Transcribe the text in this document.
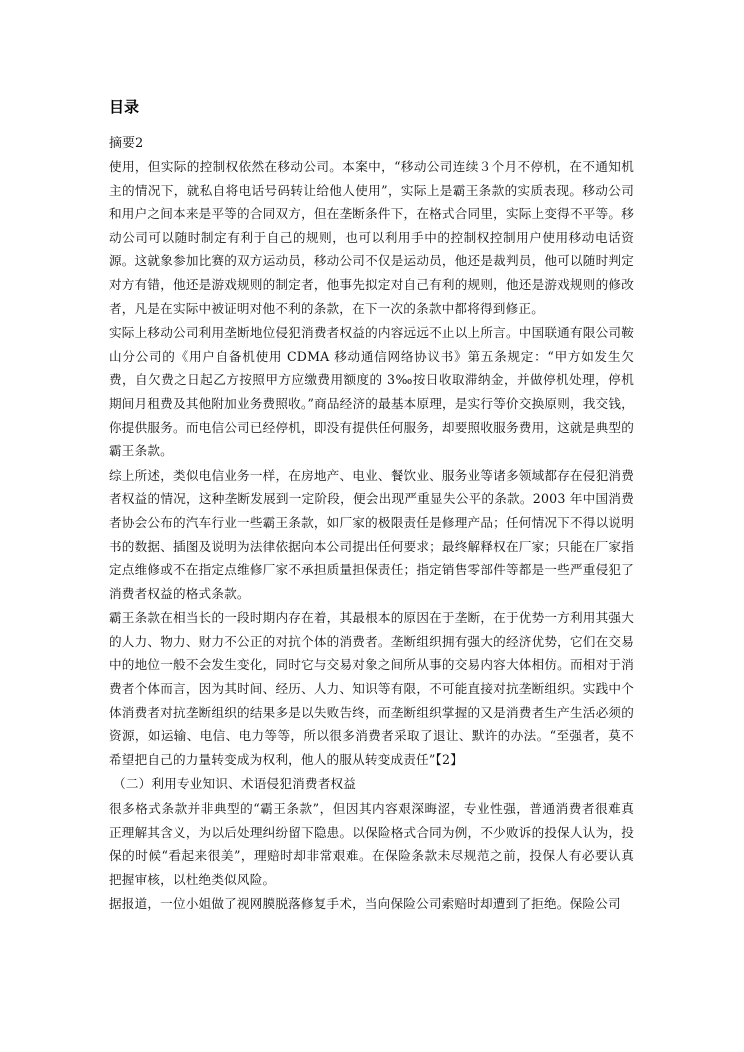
目录
摘要2

使用，但实际的控制权依然在移动公司。本案中，“移动公司连续３个月不停机，在不通知机主的情况下，就私自将电话号码转让给他人使用”，实际上是霸王条款的实质表现。移动公司和用户之间本来是平等的合同双方，但在垄断条件下，在格式合同里，实际上变得不平等。移动公司可以随时制定有利于自己的规则，也可以利用手中的控制权控制用户使用移动电话资源。这就象参加比赛的双方运动员，移动公司不仅是运动员，他还是裁判员，他可以随时判定对方有错，他还是游戏规则的制定者，他事先拟定对自己有利的规则，他还是游戏规则的修改者，凡是在实际中被证明对他不利的条款，在下一次的条款中都将得到修正。

实际上移动公司利用垄断地位侵犯消费者权益的内容远远不止以上所言。中国联通有限公司鞍山分公司的《用户自备机使用 CDMA 移动通信网络协议书》第五条规定：“甲方如发生欠费，自欠费之日起乙方按照甲方应缴费用额度的 3‰按日收取滞纳金，并做停机处理，停机期间月租费及其他附加业务费照收。”商品经济的最基本原理，是实行等价交换原则，我交钱，你提供服务。而电信公司已经停机，即没有提供任何服务，却要照收服务费用，这就是典型的霸王条款。

综上所述，类似电信业务一样，在房地产、电业、餐饮业、服务业等诸多领域都存在侵犯消费者权益的情况，这种垄断发展到一定阶段，便会出现严重显失公平的条款。2003 年中国消费者协会公布的汽车行业一些霸王条款，如厂家的极限责任是修理产品；任何情况下不得以说明书的数据、插图及说明为法律依据向本公司提出任何要求；最终解释权在厂家；只能在厂家指定点维修或不在指定点维修厂家不承担质量担保责任；指定销售零部件等都是一些严重侵犯了消费者权益的格式条款。

霸王条款在相当长的一段时期内存在着，其最根本的原因在于垄断，在于优势一方利用其强大的人力、物力、财力不公正的对抗个体的消费者。垄断组织拥有强大的经济优势，它们在交易中的地位一般不会发生变化，同时它与交易对象之间所从事的交易内容大体相仿。而相对于消费者个体而言，因为其时间、经历、人力、知识等有限，不可能直接对抗垄断组织。实践中个体消费者对抗垄断组织的结果多是以失败告终，而垄断组织掌握的又是消费者生产生活必须的资源，如运输、电信、电力等等，所以很多消费者采取了退让、默许的办法。“至强者，莫不希望把自己的力量转变成为权利，他人的服从转变成责任”【2】

（二）利用专业知识、术语侵犯消费者权益

很多格式条款并非典型的“霸王条款”，但因其内容艰深晦涩，专业性强，普通消费者很难真正理解其含义，为以后处理纠纷留下隐患。以保险格式合同为例，不少败诉的投保人认为，投保的时候“看起来很美”，理赔时却非常艰难。在保险条款未尽规范之前，投保人有必要认真把握审核，以杜绝类似风险。

据报道，一位小姐做了视网膜脱落修复手术，当向保险公司索赔时却遭到了拒绝。保险公司
